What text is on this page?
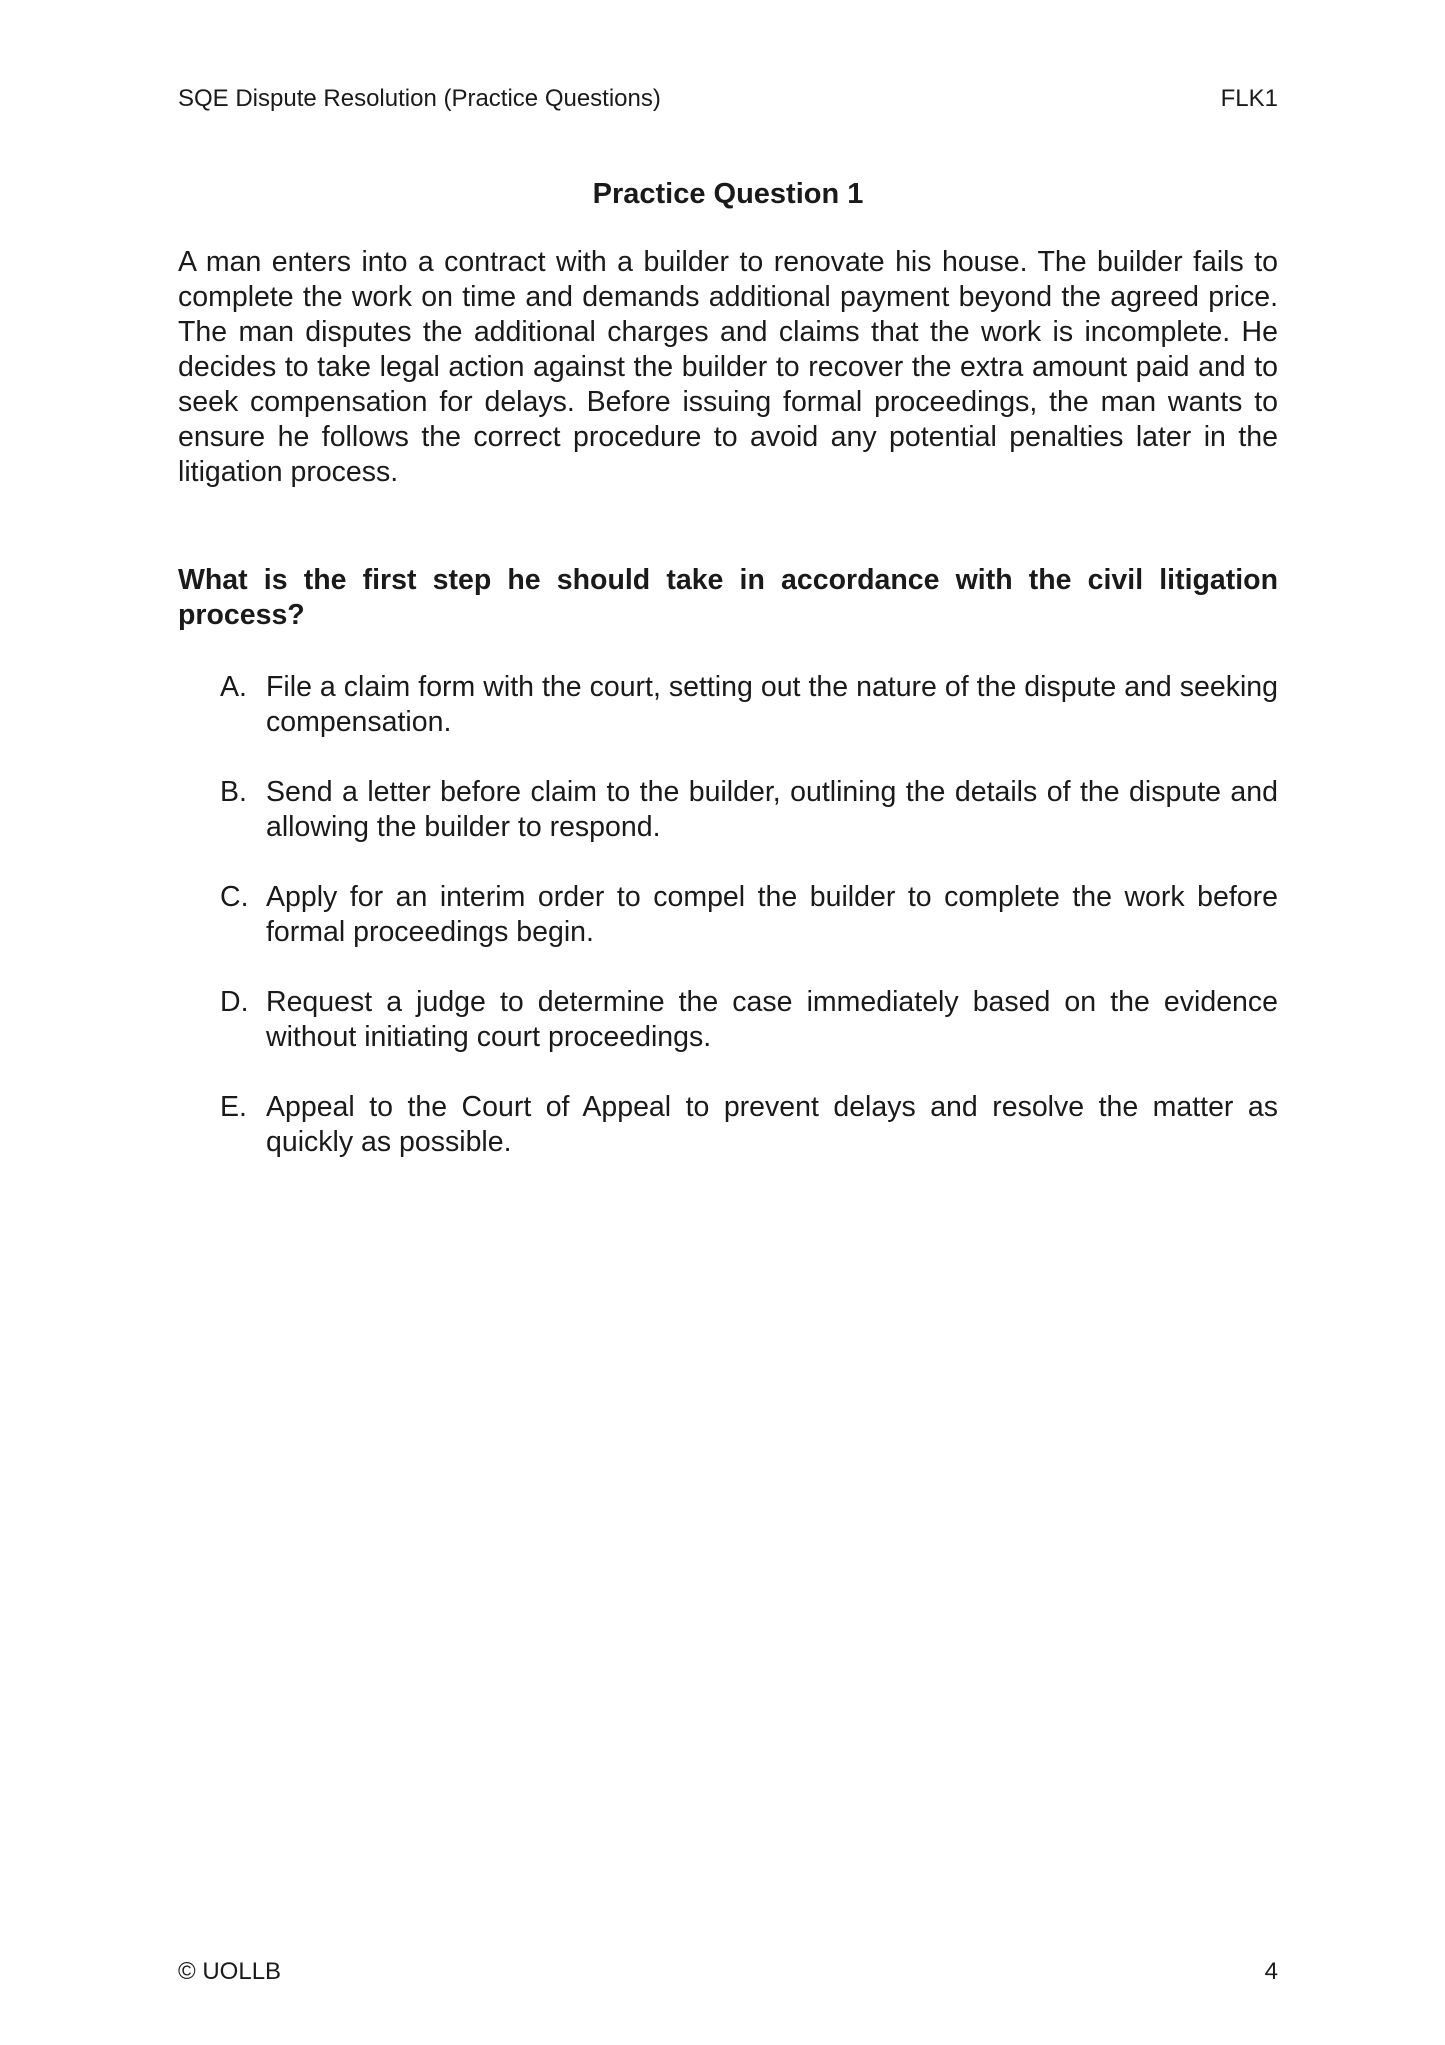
SQE Dispute Resolution (Practice Questions)	FLK1
Practice Question 1

A man enters into a contract with a builder to renovate his house. The builder fails to complete the work on time and demands additional payment beyond the agreed price. The man disputes the additional charges and claims that the work is incomplete. He decides to take legal action against the builder to recover the extra amount paid and to seek compensation for delays. Before issuing formal proceedings, the man wants to ensure he follows the correct procedure to avoid any potential penalties later in the litigation process.

What is the first step he should take in accordance with the civil litigation process?

A. File a claim form with the court, setting out the nature of the dispute and seeking compensation.
B. Send a letter before claim to the builder, outlining the details of the dispute and allowing the builder to respond.
C. Apply for an interim order to compel the builder to complete the work before formal proceedings begin.
D. Request a judge to determine the case immediately based on the evidence without initiating court proceedings.
E. Appeal to the Court of Appeal to prevent delays and resolve the matter as quickly as possible.
© UOLLB	4
